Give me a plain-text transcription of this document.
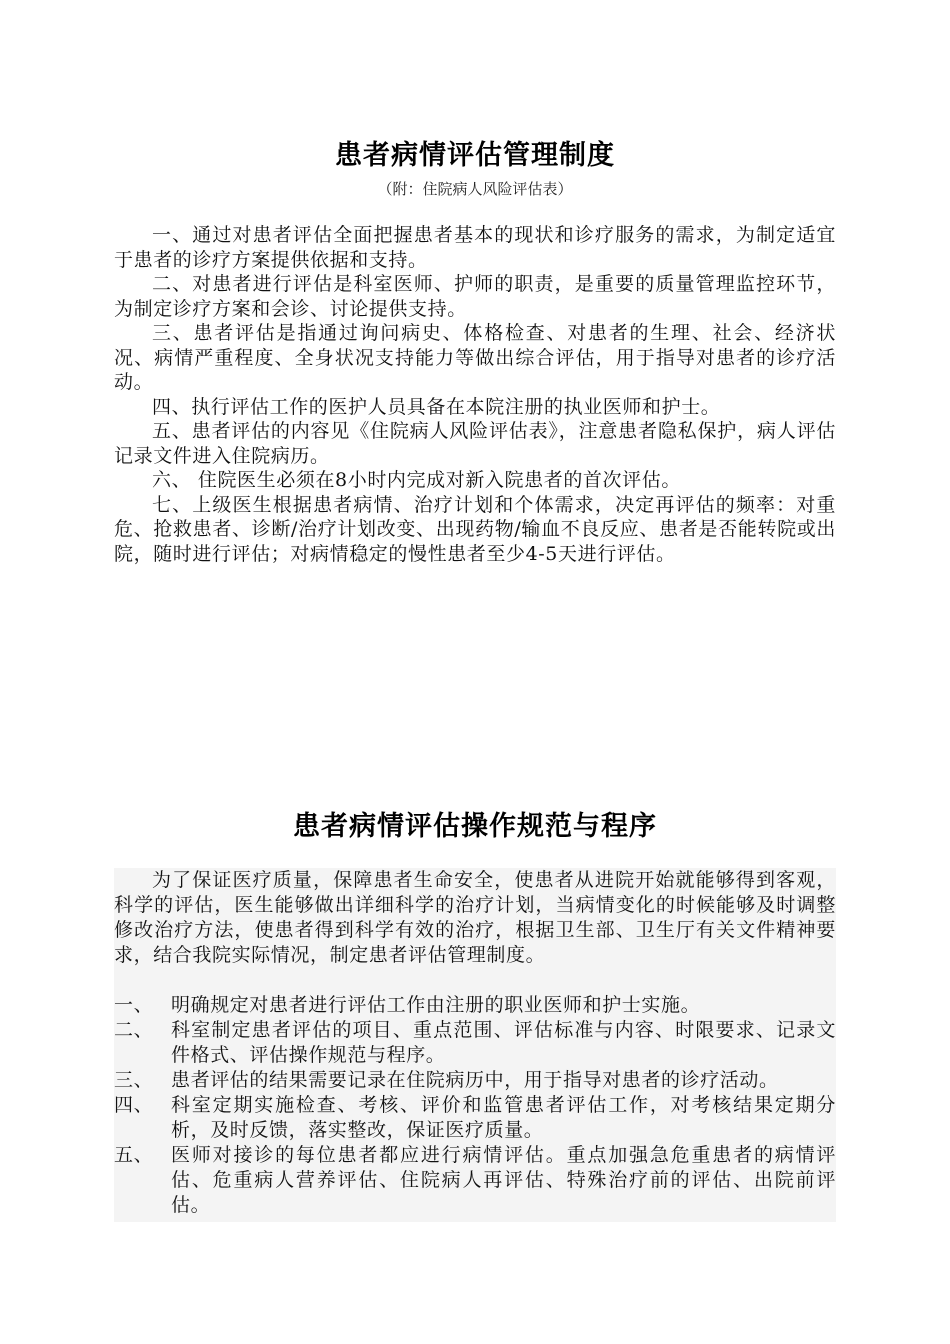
患者病情评估管理制度
（附：住院病人风险评估表）

一、通过对患者评估全面把握患者基本的现状和诊疗服务的需求，为制定适宜于患者的诊疗方案提供依据和支持。

二、对患者进行评估是科室医师、护师的职责，是重要的质量管理监控环节，为制定诊疗方案和会诊、讨论提供支持。

三、患者评估是指通过询问病史、体格检查、对患者的生理、社会、经济状况、病情严重程度、全身状况支持能力等做出综合评估，用于指导对患者的诊疗活动。

四、执行评估工作的医护人员具备在本院注册的执业医师和护士。

五、患者评估的内容见《住院病人风险评估表》，注意患者隐私保护，病人评估记录文件进入住院病历。

六、 住院医生必须在8小时内完成对新入院患者的首次评估。

七、上级医生根据患者病情、治疗计划和个体需求，决定再评估的频率：对重危、抢救患者、诊断/治疗计划改变、出现药物/输血不良反应、患者是否能转院或出院，随时进行评估；对病情稳定的慢性患者至少4-5天进行评估。

患者病情评估操作规范与程序

为了保证医疗质量，保障患者生命安全，使患者从进院开始就能够得到客观，科学的评估，医生能够做出详细科学的治疗计划，当病情变化的时候能够及时调整修改治疗方法，使患者得到科学有效的治疗，根据卫生部、卫生厅有关文件精神要求，结合我院实际情况，制定患者评估管理制度。

一、 明确规定对患者进行评估工作由注册的职业医师和护士实施。
二、 科室制定患者评估的项目、重点范围、评估标准与内容、时限要求、记录文件格式、评估操作规范与程序。
三、 患者评估的结果需要记录在住院病历中，用于指导对患者的诊疗活动。
四、 科室定期实施检查、考核、评价和监管患者评估工作，对考核结果定期分析，及时反馈，落实整改，保证医疗质量。
五、 医师对接诊的每位患者都应进行病情评估。重点加强急危重患者的病情评估、危重病人营养评估、住院病人再评估、特殊治疗前的评估、出院前评估。
